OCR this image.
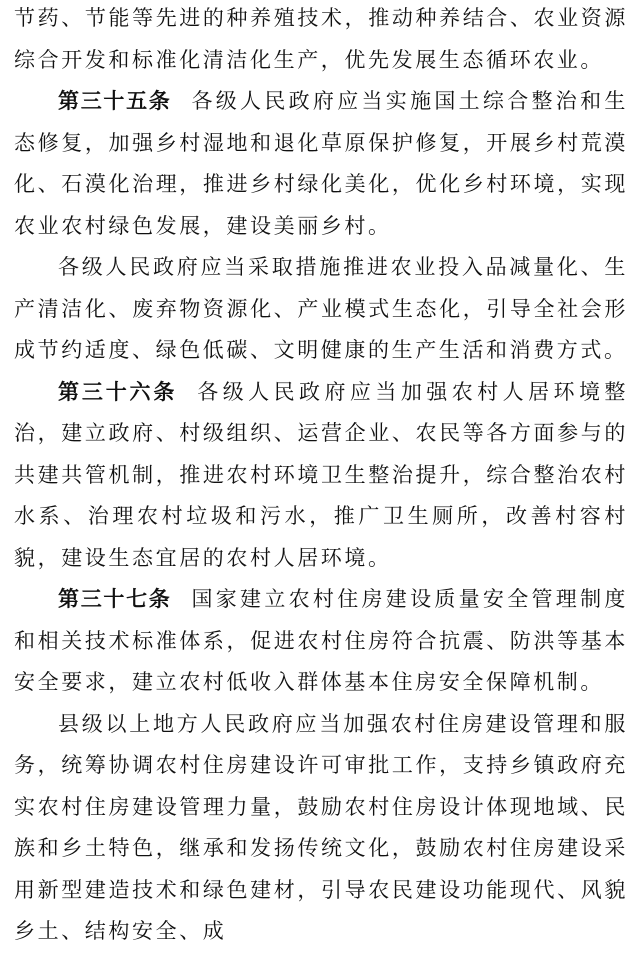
节药、节能等先进的种养殖技术，推动种养结合、农业资源综合开发和标准化清洁化生产，优先发展生态循环农业。

第三十五条 各级人民政府应当实施国土综合整治和生态修复，加强乡村湿地和退化草原保护修复，开展乡村荒漠化、石漠化治理，推进乡村绿化美化，优化乡村环境，实现农业农村绿色发展，建设美丽乡村。

各级人民政府应当采取措施推进农业投入品减量化、生产清洁化、废弃物资源化、产业模式生态化，引导全社会形成节约适度、绿色低碳、文明健康的生产生活和消费方式。

第三十六条 各级人民政府应当加强农村人居环境整治，建立政府、村级组织、运营企业、农民等各方面参与的共建共管机制，推进农村环境卫生整治提升，综合整治农村水系、治理农村垃圾和污水，推广卫生厕所，改善村容村貌，建设生态宜居的农村人居环境。

第三十七条 国家建立农村住房建设质量安全管理制度和相关技术标准体系，促进农村住房符合抗震、防洪等基本安全要求，建立农村低收入群体基本住房安全保障机制。

县级以上地方人民政府应当加强农村住房建设管理和服务，统筹协调农村住房建设许可审批工作，支持乡镇政府充实农村住房建设管理力量，鼓励农村住房设计体现地域、民族和乡土特色，继承和发扬传统文化，鼓励农村住房建设采用新型建造技术和绿色建材，引导农民建设功能现代、风貌乡土、结构安全、成
